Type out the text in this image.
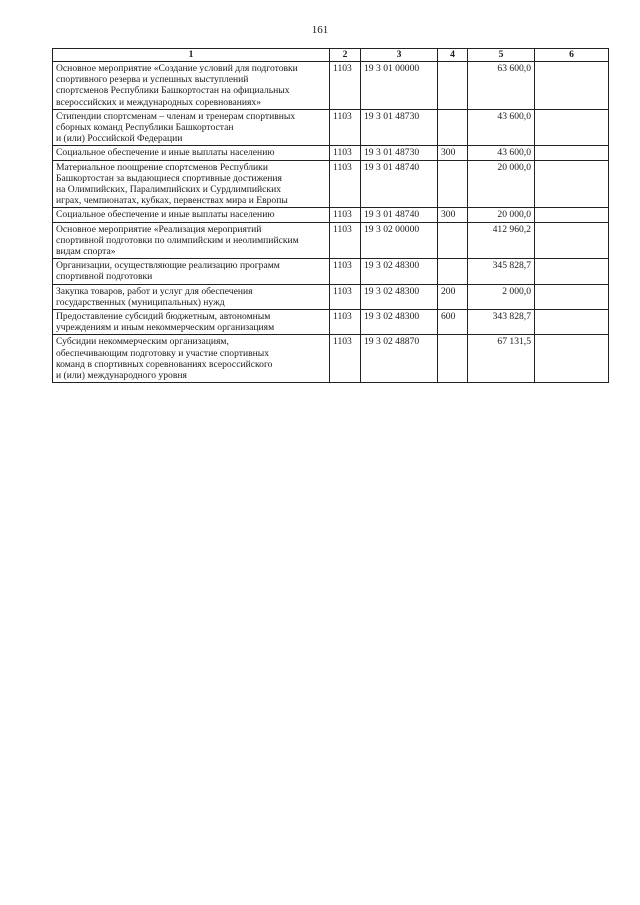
161
1	2	3	4	5	6
Основное мероприятие «Создание условий для подготовки
спортивного резерва и успешных выступлений
спортсменов Республики Башкортостан на официальных
всероссийских и международных соревнованиях»	1103	19 3 01 00000		63 600,0	
Стипендии спортсменам – членам и тренерам спортивных
сборных команд Республики Башкортостан
и (или) Российской Федерации	1103	19 3 01 48730		43 600,0	
Социальное обеспечение и иные выплаты населению	1103	19 3 01 48730	300	43 600,0	
Материальное поощрение спортсменов Республики
Башкортостан за выдающиеся спортивные достижения
на Олимпийских, Паралимпийских и Сурдлимпийских
играх, чемпионатах, кубках, первенствах мира и Европы	1103	19 3 01 48740		20 000,0	
Социальное обеспечение и иные выплаты населению	1103	19 3 01 48740	300	20 000,0	
Основное мероприятие «Реализация мероприятий
спортивной подготовки по олимпийским и неолимпийским
видам спорта»	1103	19 3 02 00000		412 960,2	
Организации, осуществляющие реализацию программ
спортивной подготовки	1103	19 3 02 48300		345 828,7	
Закупка товаров, работ и услуг для обеспечения
государственных (муниципальных) нужд	1103	19 3 02 48300	200	2 000,0	
Предоставление субсидий бюджетным, автономным
учреждениям и иным некоммерческим организациям	1103	19 3 02 48300	600	343 828,7	
Субсидии некоммерческим организациям,
обеспечивающим подготовку и участие спортивных
команд в спортивных соревнованиях всероссийского
и (или) международного уровня	1103	19 3 02 48870		67 131,5	
